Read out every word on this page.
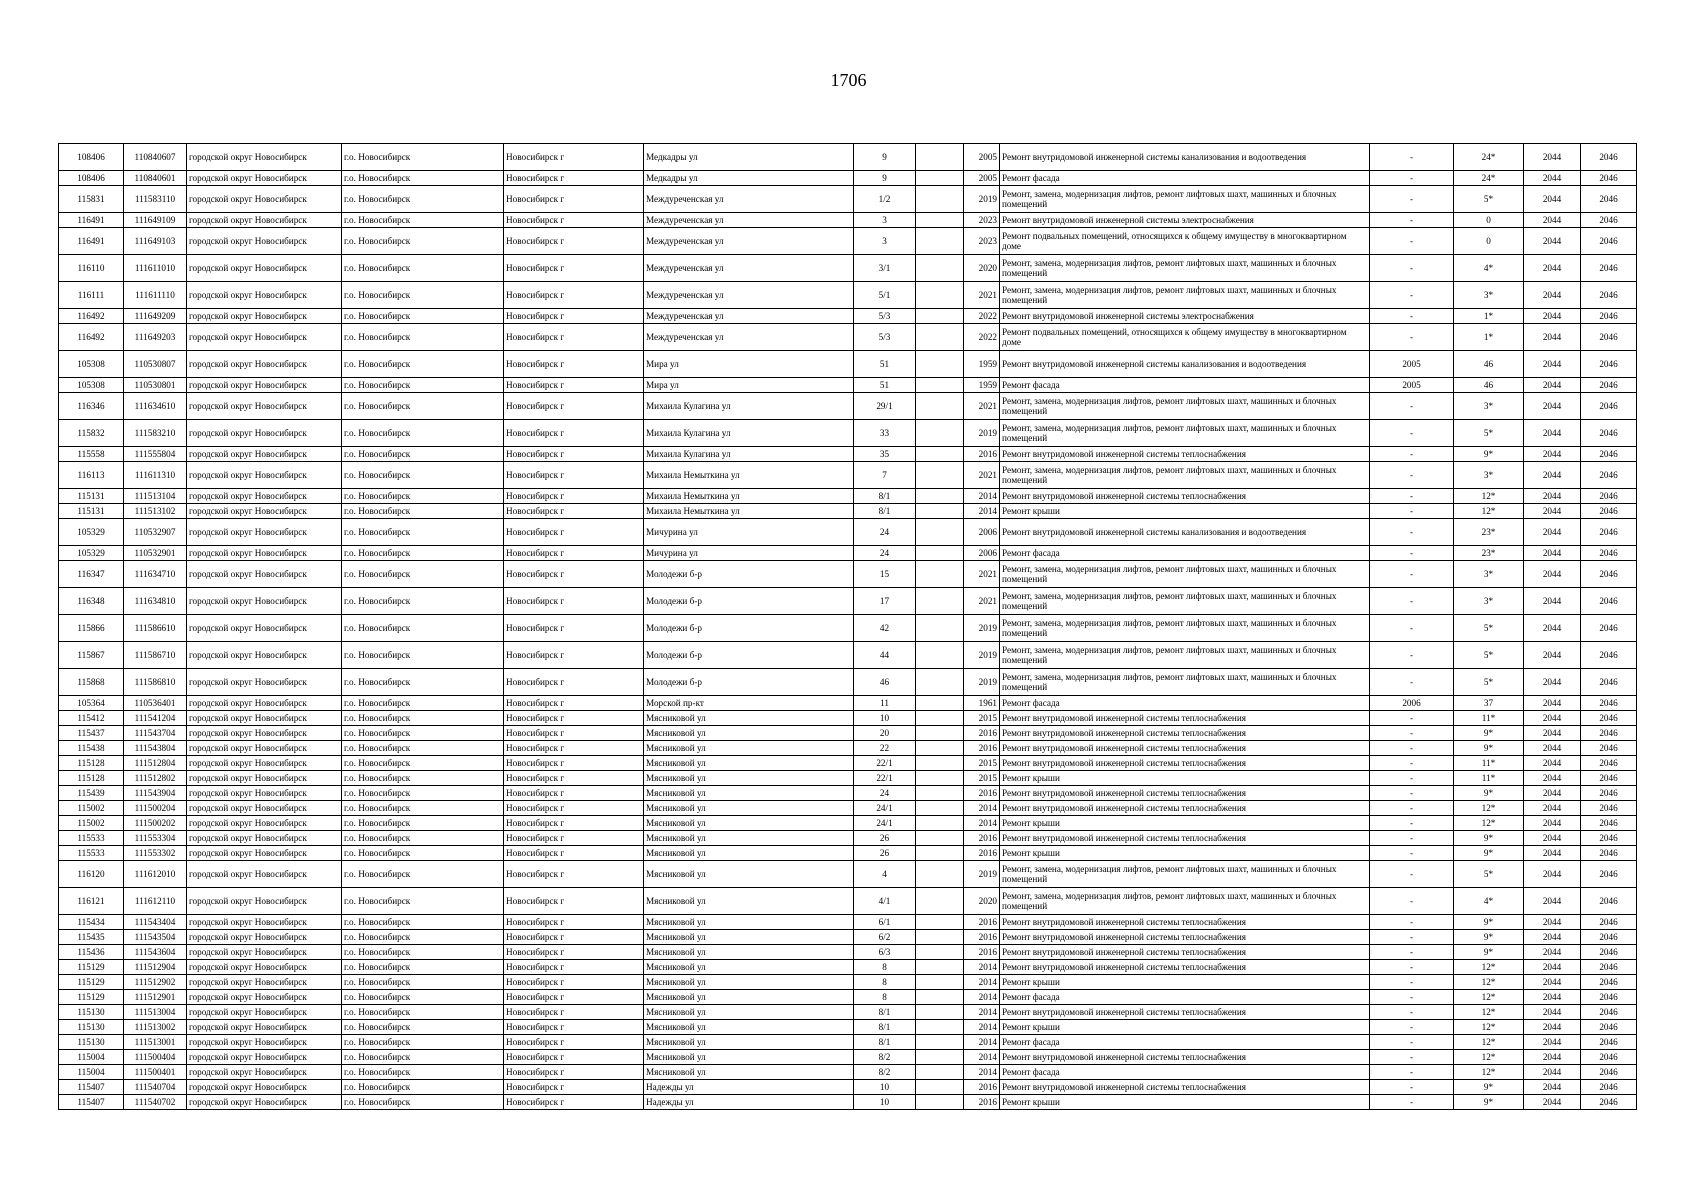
1706
108406	110840607	городской округ Новосибирск	г.о. Новосибирск	Новосибирск г	Медкадры ул	9		2005	Ремонт внутридомовой инженерной системы канализования и водоотведения	-	24*	2044	2046
108406	110840601	городской округ Новосибирск	г.о. Новосибирск	Новосибирск г	Медкадры ул	9		2005	Ремонт фасада	-	24*	2044	2046
115831	111583110	городской округ Новосибирск	г.о. Новосибирск	Новосибирск г	Междуреченская ул	1/2		2019	Ремонт, замена, модернизация лифтов, ремонт лифтовых шахт, машинных и блочных помещений	-	5*	2044	2046
116491	111649109	городской округ Новосибирск	г.о. Новосибирск	Новосибирск г	Междуреченская ул	3		2023	Ремонт внутридомовой инженерной системы электроснабжения	-	0	2044	2046
116491	111649103	городской округ Новосибирск	г.о. Новосибирск	Новосибирск г	Междуреченская ул	3		2023	Ремонт подвальных помещений, относящихся к общему имуществу в многоквартирном доме	-	0	2044	2046
116110	111611010	городской округ Новосибирск	г.о. Новосибирск	Новосибирск г	Междуреченская ул	3/1		2020	Ремонт, замена, модернизация лифтов, ремонт лифтовых шахт, машинных и блочных помещений	-	4*	2044	2046
116111	111611110	городской округ Новосибирск	г.о. Новосибирск	Новосибирск г	Междуреченская ул	5/1		2021	Ремонт, замена, модернизация лифтов, ремонт лифтовых шахт, машинных и блочных помещений	-	3*	2044	2046
116492	111649209	городской округ Новосибирск	г.о. Новосибирск	Новосибирск г	Междуреченская ул	5/3		2022	Ремонт внутридомовой инженерной системы электроснабжения	-	1*	2044	2046
116492	111649203	городской округ Новосибирск	г.о. Новосибирск	Новосибирск г	Междуреченская ул	5/3		2022	Ремонт подвальных помещений, относящихся к общему имуществу в многоквартирном доме	-	1*	2044	2046
105308	110530807	городской округ Новосибирск	г.о. Новосибирск	Новосибирск г	Мира ул	51		1959	Ремонт внутридомовой инженерной системы канализования и водоотведения	2005	46	2044	2046
105308	110530801	городской округ Новосибирск	г.о. Новосибирск	Новосибирск г	Мира ул	51		1959	Ремонт фасада	2005	46	2044	2046
116346	111634610	городской округ Новосибирск	г.о. Новосибирск	Новосибирск г	Михаила Кулагина ул	29/1		2021	Ремонт, замена, модернизация лифтов, ремонт лифтовых шахт, машинных и блочных помещений	-	3*	2044	2046
115832	111583210	городской округ Новосибирск	г.о. Новосибирск	Новосибирск г	Михаила Кулагина ул	33		2019	Ремонт, замена, модернизация лифтов, ремонт лифтовых шахт, машинных и блочных помещений	-	5*	2044	2046
115558	111555804	городской округ Новосибирск	г.о. Новосибирск	Новосибирск г	Михаила Кулагина ул	35		2016	Ремонт внутридомовой инженерной системы теплоснабжения	-	9*	2044	2046
116113	111611310	городской округ Новосибирск	г.о. Новосибирск	Новосибирск г	Михаила Немыткина ул	7		2021	Ремонт, замена, модернизация лифтов, ремонт лифтовых шахт, машинных и блочных помещений	-	3*	2044	2046
115131	111513104	городской округ Новосибирск	г.о. Новосибирск	Новосибирск г	Михаила Немыткина ул	8/1		2014	Ремонт внутридомовой инженерной системы теплоснабжения	-	12*	2044	2046
115131	111513102	городской округ Новосибирск	г.о. Новосибирск	Новосибирск г	Михаила Немыткина ул	8/1		2014	Ремонт крыши	-	12*	2044	2046
105329	110532907	городской округ Новосибирск	г.о. Новосибирск	Новосибирск г	Мичурина ул	24		2006	Ремонт внутридомовой инженерной системы канализования и водоотведения	-	23*	2044	2046
105329	110532901	городской округ Новосибирск	г.о. Новосибирск	Новосибирск г	Мичурина ул	24		2006	Ремонт фасада	-	23*	2044	2046
116347	111634710	городской округ Новосибирск	г.о. Новосибирск	Новосибирск г	Молодежи б-р	15		2021	Ремонт, замена, модернизация лифтов, ремонт лифтовых шахт, машинных и блочных помещений	-	3*	2044	2046
116348	111634810	городской округ Новосибирск	г.о. Новосибирск	Новосибирск г	Молодежи б-р	17		2021	Ремонт, замена, модернизация лифтов, ремонт лифтовых шахт, машинных и блочных помещений	-	3*	2044	2046
115866	111586610	городской округ Новосибирск	г.о. Новосибирск	Новосибирск г	Молодежи б-р	42		2019	Ремонт, замена, модернизация лифтов, ремонт лифтовых шахт, машинных и блочных помещений	-	5*	2044	2046
115867	111586710	городской округ Новосибирск	г.о. Новосибирск	Новосибирск г	Молодежи б-р	44		2019	Ремонт, замена, модернизация лифтов, ремонт лифтовых шахт, машинных и блочных помещений	-	5*	2044	2046
115868	111586810	городской округ Новосибирск	г.о. Новосибирск	Новосибирск г	Молодежи б-р	46		2019	Ремонт, замена, модернизация лифтов, ремонт лифтовых шахт, машинных и блочных помещений	-	5*	2044	2046
105364	110536401	городской округ Новосибирск	г.о. Новосибирск	Новосибирск г	Морской пр-кт	11		1961	Ремонт фасада	2006	37	2044	2046
115412	111541204	городской округ Новосибирск	г.о. Новосибирск	Новосибирск г	Мясниковой ул	10		2015	Ремонт внутридомовой инженерной системы теплоснабжения	-	11*	2044	2046
115437	111543704	городской округ Новосибирск	г.о. Новосибирск	Новосибирск г	Мясниковой ул	20		2016	Ремонт внутридомовой инженерной системы теплоснабжения	-	9*	2044	2046
115438	111543804	городской округ Новосибирск	г.о. Новосибирск	Новосибирск г	Мясниковой ул	22		2016	Ремонт внутридомовой инженерной системы теплоснабжения	-	9*	2044	2046
115128	111512804	городской округ Новосибирск	г.о. Новосибирск	Новосибирск г	Мясниковой ул	22/1		2015	Ремонт внутридомовой инженерной системы теплоснабжения	-	11*	2044	2046
115128	111512802	городской округ Новосибирск	г.о. Новосибирск	Новосибирск г	Мясниковой ул	22/1		2015	Ремонт крыши	-	11*	2044	2046
115439	111543904	городской округ Новосибирск	г.о. Новосибирск	Новосибирск г	Мясниковой ул	24		2016	Ремонт внутридомовой инженерной системы теплоснабжения	-	9*	2044	2046
115002	111500204	городской округ Новосибирск	г.о. Новосибирск	Новосибирск г	Мясниковой ул	24/1		2014	Ремонт внутридомовой инженерной системы теплоснабжения	-	12*	2044	2046
115002	111500202	городской округ Новосибирск	г.о. Новосибирск	Новосибирск г	Мясниковой ул	24/1		2014	Ремонт крыши	-	12*	2044	2046
115533	111553304	городской округ Новосибирск	г.о. Новосибирск	Новосибирск г	Мясниковой ул	26		2016	Ремонт внутридомовой инженерной системы теплоснабжения	-	9*	2044	2046
115533	111553302	городской округ Новосибирск	г.о. Новосибирск	Новосибирск г	Мясниковой ул	26		2016	Ремонт крыши	-	9*	2044	2046
116120	111612010	городской округ Новосибирск	г.о. Новосибирск	Новосибирск г	Мясниковой ул	4		2019	Ремонт, замена, модернизация лифтов, ремонт лифтовых шахт, машинных и блочных помещений	-	5*	2044	2046
116121	111612110	городской округ Новосибирск	г.о. Новосибирск	Новосибирск г	Мясниковой ул	4/1		2020	Ремонт, замена, модернизация лифтов, ремонт лифтовых шахт, машинных и блочных помещений	-	4*	2044	2046
115434	111543404	городской округ Новосибирск	г.о. Новосибирск	Новосибирск г	Мясниковой ул	6/1		2016	Ремонт внутридомовой инженерной системы теплоснабжения	-	9*	2044	2046
115435	111543504	городской округ Новосибирск	г.о. Новосибирск	Новосибирск г	Мясниковой ул	6/2		2016	Ремонт внутридомовой инженерной системы теплоснабжения	-	9*	2044	2046
115436	111543604	городской округ Новосибирск	г.о. Новосибирск	Новосибирск г	Мясниковой ул	6/3		2016	Ремонт внутридомовой инженерной системы теплоснабжения	-	9*	2044	2046
115129	111512904	городской округ Новосибирск	г.о. Новосибирск	Новосибирск г	Мясниковой ул	8		2014	Ремонт внутридомовой инженерной системы теплоснабжения	-	12*	2044	2046
115129	111512902	городской округ Новосибирск	г.о. Новосибирск	Новосибирск г	Мясниковой ул	8		2014	Ремонт крыши	-	12*	2044	2046
115129	111512901	городской округ Новосибирск	г.о. Новосибирск	Новосибирск г	Мясниковой ул	8		2014	Ремонт фасада	-	12*	2044	2046
115130	111513004	городской округ Новосибирск	г.о. Новосибирск	Новосибирск г	Мясниковой ул	8/1		2014	Ремонт внутридомовой инженерной системы теплоснабжения	-	12*	2044	2046
115130	111513002	городской округ Новосибирск	г.о. Новосибирск	Новосибирск г	Мясниковой ул	8/1		2014	Ремонт крыши	-	12*	2044	2046
115130	111513001	городской округ Новосибирск	г.о. Новосибирск	Новосибирск г	Мясниковой ул	8/1		2014	Ремонт фасада	-	12*	2044	2046
115004	111500404	городской округ Новосибирск	г.о. Новосибирск	Новосибирск г	Мясниковой ул	8/2		2014	Ремонт внутридомовой инженерной системы теплоснабжения	-	12*	2044	2046
115004	111500401	городской округ Новосибирск	г.о. Новосибирск	Новосибирск г	Мясниковой ул	8/2		2014	Ремонт фасада	-	12*	2044	2046
115407	111540704	городской округ Новосибирск	г.о. Новосибирск	Новосибирск г	Надежды ул	10		2016	Ремонт внутридомовой инженерной системы теплоснабжения	-	9*	2044	2046
115407	111540702	городской округ Новосибирск	г.о. Новосибирск	Новосибирск г	Надежды ул	10		2016	Ремонт крыши	-	9*	2044	2046
